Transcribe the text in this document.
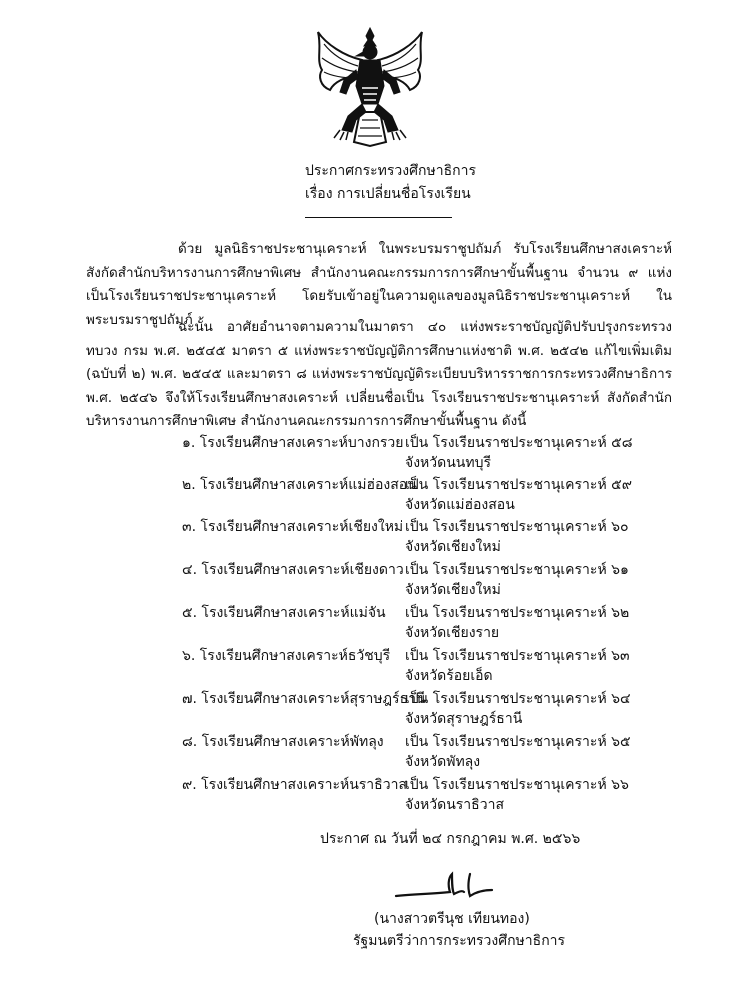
ประกาศกระทรวงศึกษาธิการ
เรื่อง การเปลี่ยนชื่อโรงเรียน
ด้วย มูลนิธิราชประชานุเคราะห์ ในพระบรมราชูปถัมภ์ รับโรงเรียนศึกษาสงเคราะห์ สังกัดสำนักบริหารงานการศึกษาพิเศษ สำนักงานคณะกรรมการการศึกษาขั้นพื้นฐาน จำนวน ๙ แห่ง เป็นโรงเรียนราชประชานุเคราะห์ โดยรับเข้าอยู่ในความดูแลของมูลนิธิราชประชานุเคราะห์ ในพระบรมราชูปถัมภ์
ฉะนั้น อาศัยอำนาจตามความในมาตรา ๔๐ แห่งพระราชบัญญัติปรับปรุงกระทรวง ทบวง กรม พ.ศ. ๒๕๔๕ มาตรา ๕ แห่งพระราชบัญญัติการศึกษาแห่งชาติ พ.ศ. ๒๕๔๒ แก้ไขเพิ่มเติม (ฉบับที่ ๒) พ.ศ. ๒๕๔๕ และมาตรา ๘ แห่งพระราชบัญญัติระเบียบบริหารราชการกระทรวงศึกษาธิการ พ.ศ. ๒๕๔๖ จึงให้โรงเรียนศึกษาสงเคราะห์ เปลี่ยนชื่อเป็น โรงเรียนราชประชานุเคราะห์ สังกัดสำนักบริหารงานการศึกษาพิเศษ สำนักงานคณะกรรมการการศึกษาขั้นพื้นฐาน ดังนี้
๑. โรงเรียนศึกษาสงเคราะห์บางกรวย เป็น โรงเรียนราชประชานุเคราะห์ ๕๘
จังหวัดนนทบุรี
๒. โรงเรียนศึกษาสงเคราะห์แม่ฮ่องสอน
เป็น โรงเรียนราชประชานุเคราะห์ ๕๙
จังหวัดแม่ฮ่องสอน
๓. โรงเรียนศึกษาสงเคราะห์เชียงใหม่ เป็น โรงเรียนราชประชานุเคราะห์ ๖๐
จังหวัดเชียงใหม่
๔. โรงเรียนศึกษาสงเคราะห์เชียงดาว เป็น โรงเรียนราชประชานุเคราะห์ ๖๑
จังหวัดเชียงใหม่
๕. โรงเรียนศึกษาสงเคราะห์แม่จัน เป็น โรงเรียนราชประชานุเคราะห์ ๖๒
จังหวัดเชียงราย
๖. โรงเรียนศึกษาสงเคราะห์ธวัชบุรี เป็น โรงเรียนราชประชานุเคราะห์ ๖๓
จังหวัดร้อยเอ็ด
๗. โรงเรียนศึกษาสงเคราะห์สุราษฎร์ธานี
เป็น โรงเรียนราชประชานุเคราะห์ ๖๔
จังหวัดสุราษฎร์ธานี
๘. โรงเรียนศึกษาสงเคราะห์พัทลุง เป็น โรงเรียนราชประชานุเคราะห์ ๖๕
จังหวัดพัทลุง
๙. โรงเรียนศึกษาสงเคราะห์นราธิวาส
เป็น โรงเรียนราชประชานุเคราะห์ ๖๖
จังหวัดนราธิวาส
ประกาศ ณ วันที่ ๒๔ กรกฎาคม พ.ศ. ๒๕๖๖
(นางสาวตรีนุช เทียนทอง)
รัฐมนตรีว่าการกระทรวงศึกษาธิการ
